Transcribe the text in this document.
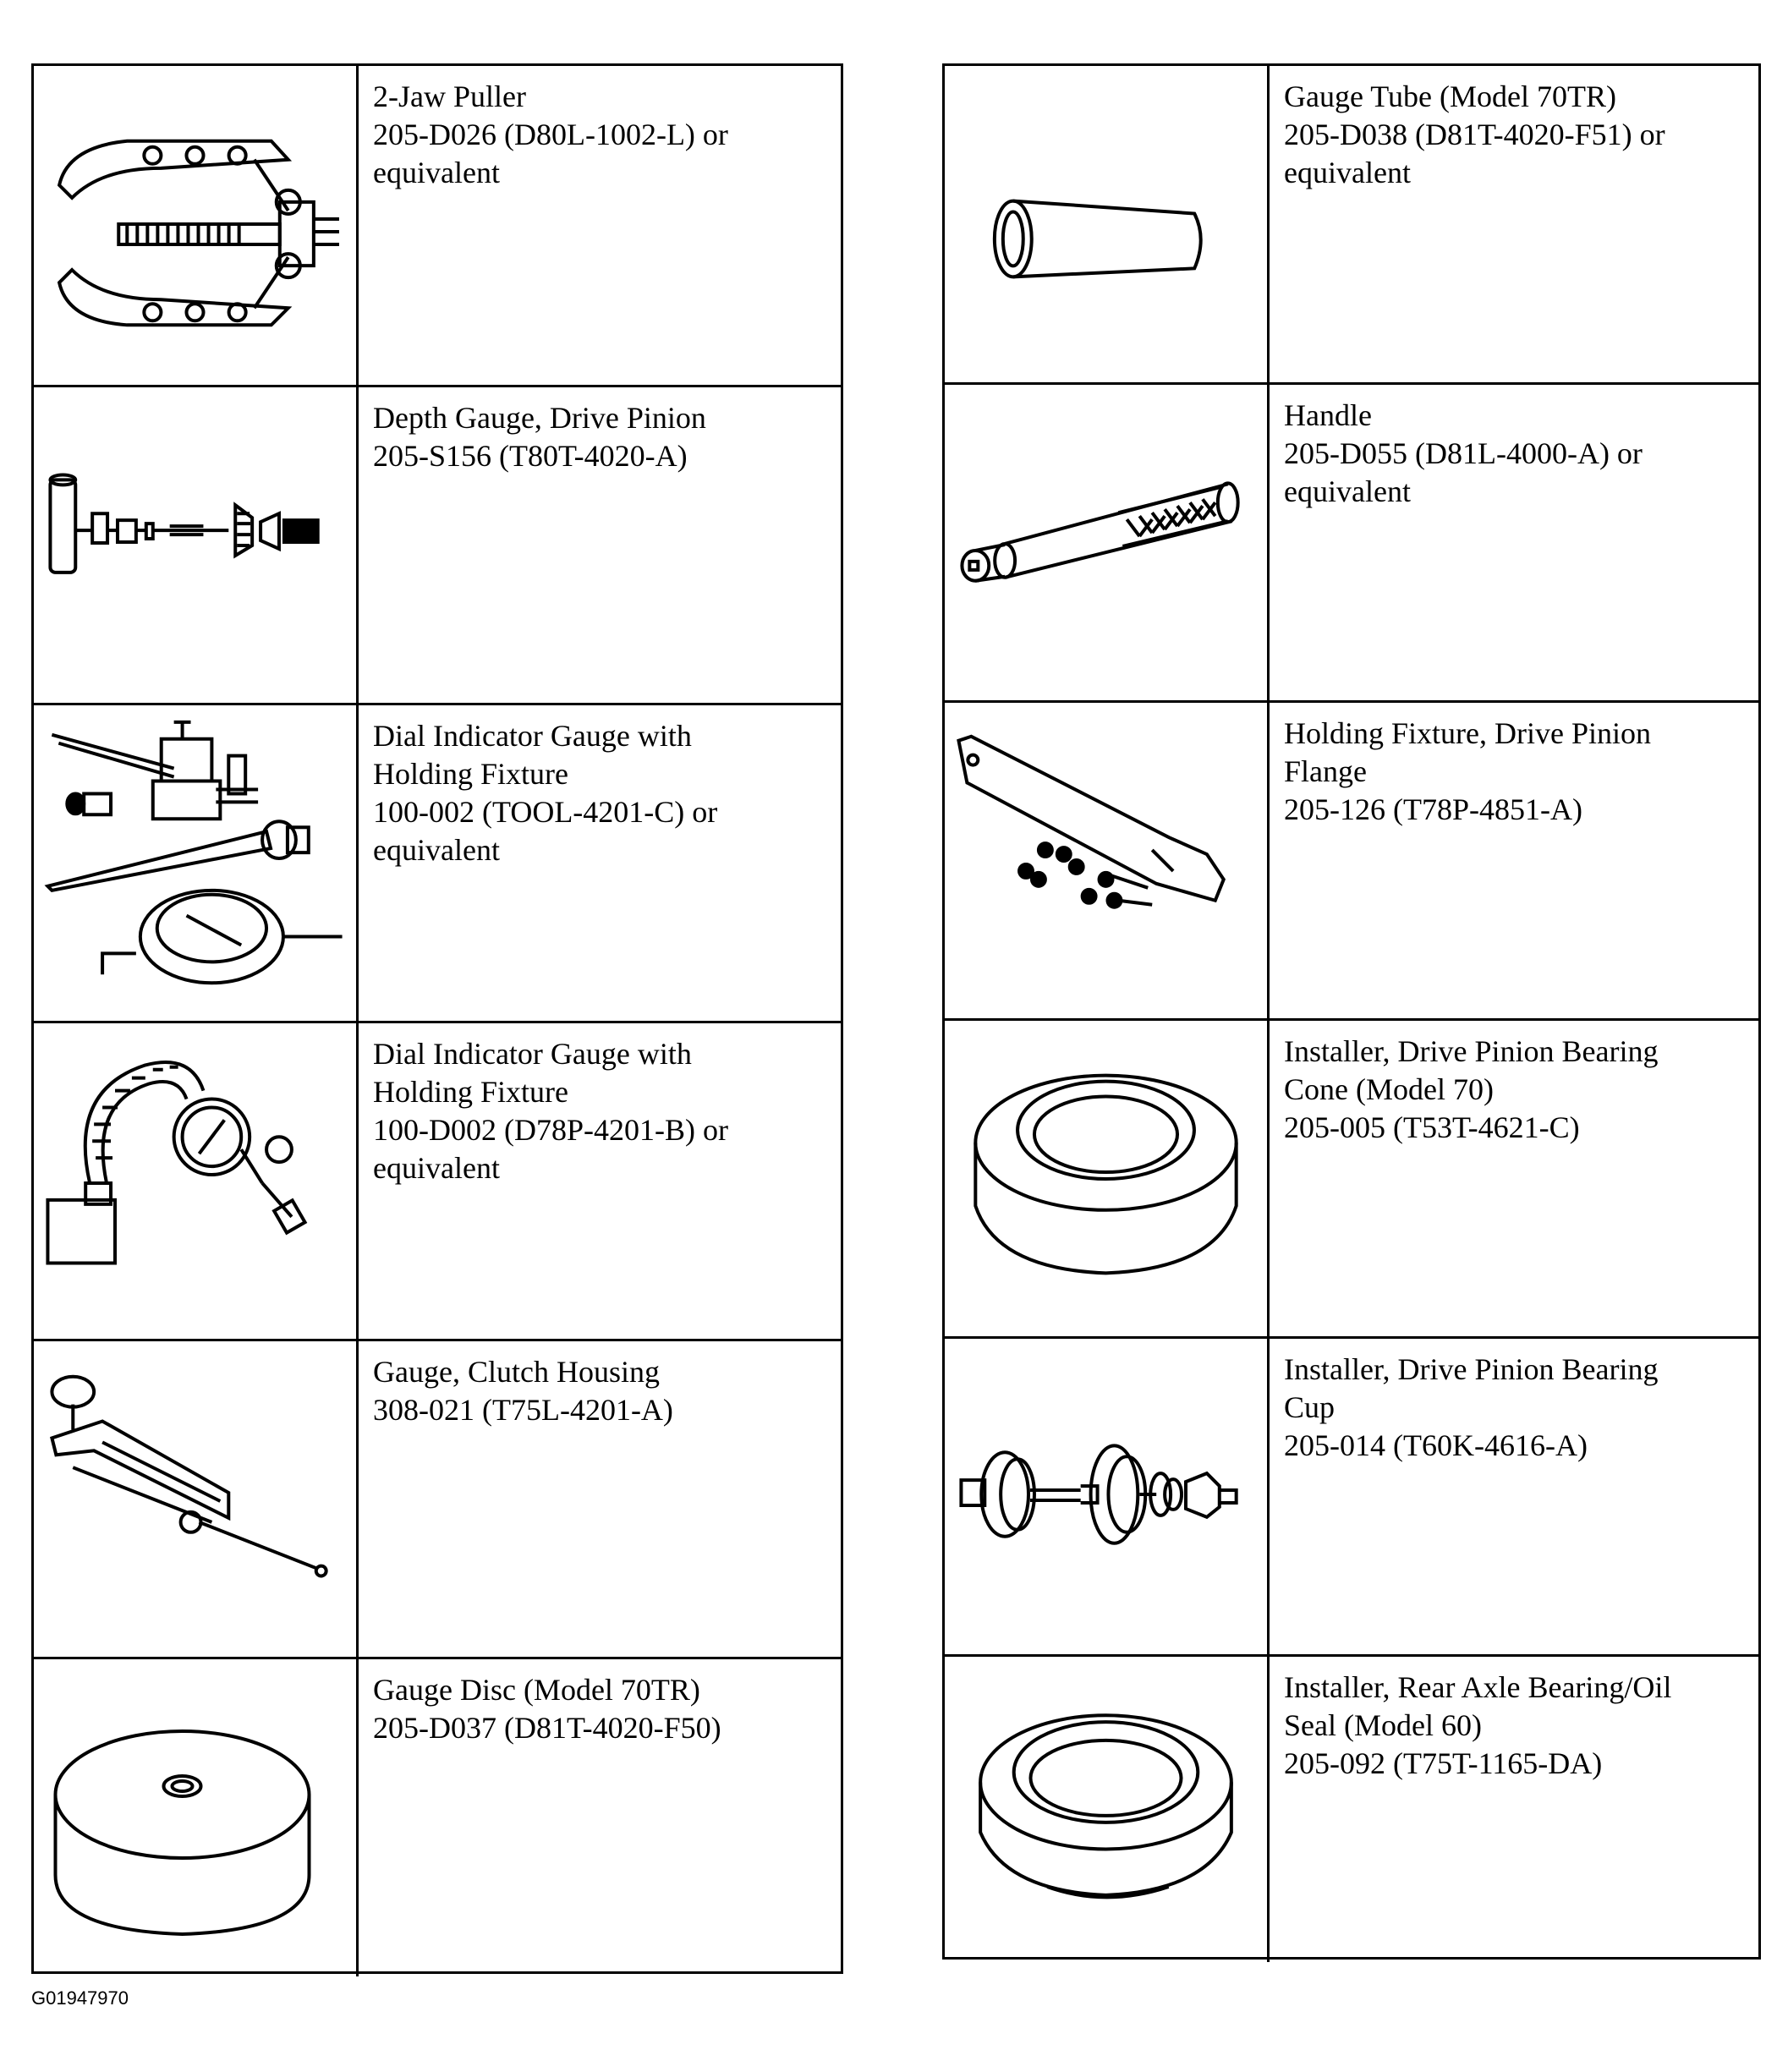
2-Jaw Puller
205-D026 (D80L-1002-L) or
equivalent
Depth Gauge, Drive Pinion
205-S156 (T80T-4020-A)
Dial Indicator Gauge with
Holding Fixture
100-002 (TOOL-4201-C) or
equivalent
Dial Indicator Gauge with
Holding Fixture
100-D002 (D78P-4201-B) or
equivalent
Gauge, Clutch Housing
308-021 (T75L-4201-A)
Gauge Disc (Model 70TR)
205-D037 (D81T-4020-F50)
Gauge Tube (Model 70TR)
205-D038 (D81T-4020-F51) or
equivalent
Handle
205-D055 (D81L-4000-A) or
equivalent
Holding Fixture, Drive Pinion
Flange
205-126 (T78P-4851-A)
Installer, Drive Pinion Bearing
Cone (Model 70)
205-005 (T53T-4621-C)
Installer, Drive Pinion Bearing
Cup
205-014 (T60K-4616-A)
Installer, Rear Axle Bearing/Oil
Seal (Model 60)
205-092 (T75T-1165-DA)
G01947970
